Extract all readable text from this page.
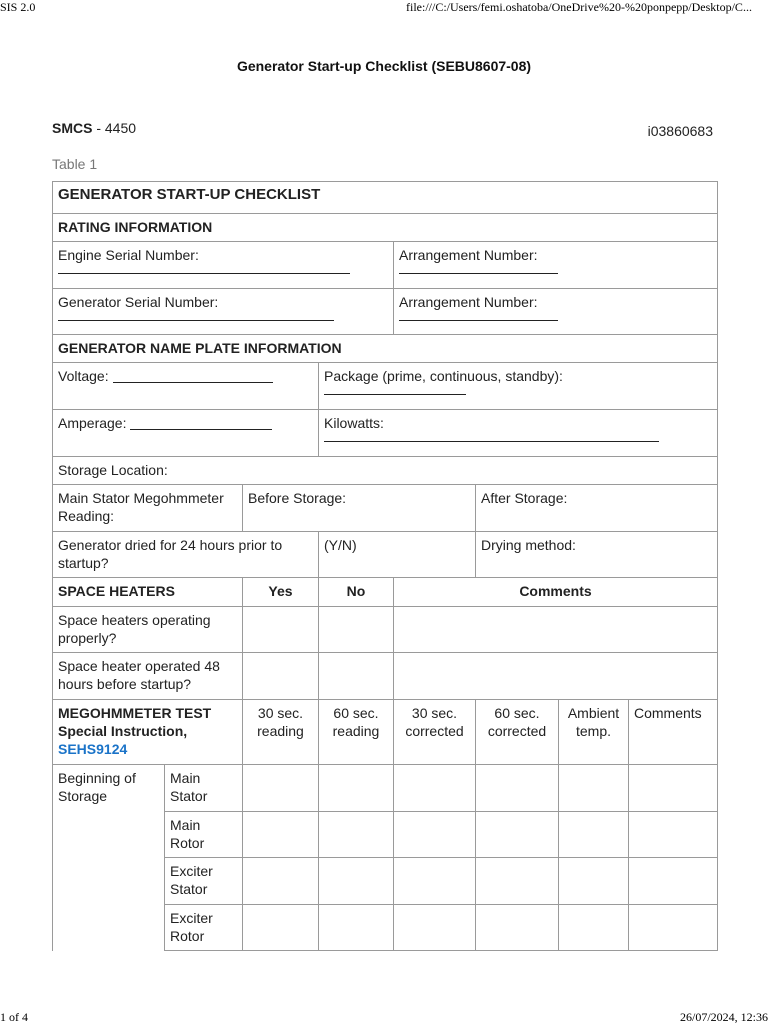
SIS 2.0	file:///C:/Users/femi.oshatoba/OneDrive%20-%20ponpepp/Desktop/C...
Generator Start-up Checklist (SEBU8607-08)
SMCS - 4450	i03860683
Table 1
GENERATOR START-UP CHECKLIST							
RATING INFORMATION							
Engine Serial Number:				Arrangement Number:			

Generator Serial Number:				Arrangement Number:			

GENERATOR NAME PLATE INFORMATION							
Voltage:			Package (prime, continuous, standby):				

Amperage:			Kilowatts:				

Storage Location:							
Main Stator Megohmmeter Reading:		Before Storage:			After Storage:		
Generator dried for 24 hours prior to startup?			(Y/N)		Drying method:		
SPACE HEATERS		Yes	No	Comments			
Space heaters operating properly?							
Space heater operated 48 hours before startup?							
MEGOHMMETER TEST
Special Instruction,
SEHS9124		30 sec. reading	60 sec. reading	30 sec. corrected	60 sec. corrected	Ambient temp.	Comments
Beginning of Storage	Main Stator						
	Main Rotor						
	Exciter Stator						
	Exciter Rotor						
1 of 4	26/07/2024, 12:36
